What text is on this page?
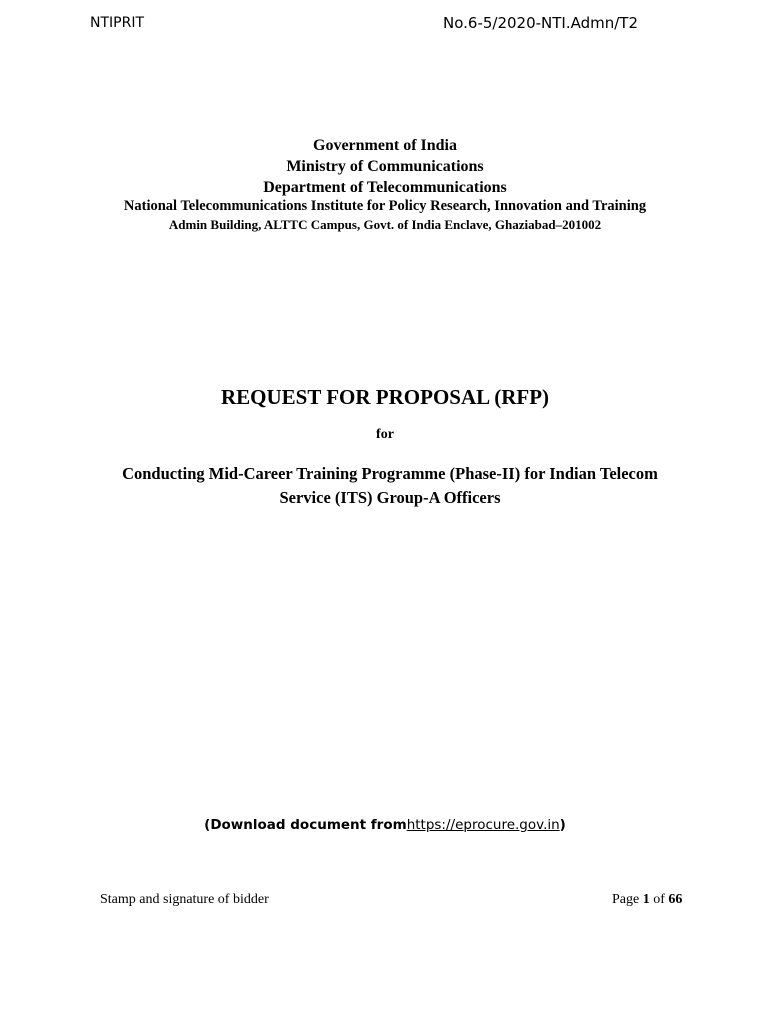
NTIPRIT	No.6-5/2020-NTI.Admn/T2
Government of India
Ministry of Communications
Department of Telecommunications
National Telecommunications Institute for Policy Research, Innovation and Training
Admin Building, ALTTC Campus, Govt. of India Enclave, Ghaziabad–201002
REQUEST FOR PROPOSAL (RFP)
for
Conducting Mid-Career Training Programme (Phase-II) for Indian Telecom
Service (ITS) Group-A Officers
(Download document fromhttps://eprocure.gov.in)
Stamp and signature of bidder	Page 1 of 66
